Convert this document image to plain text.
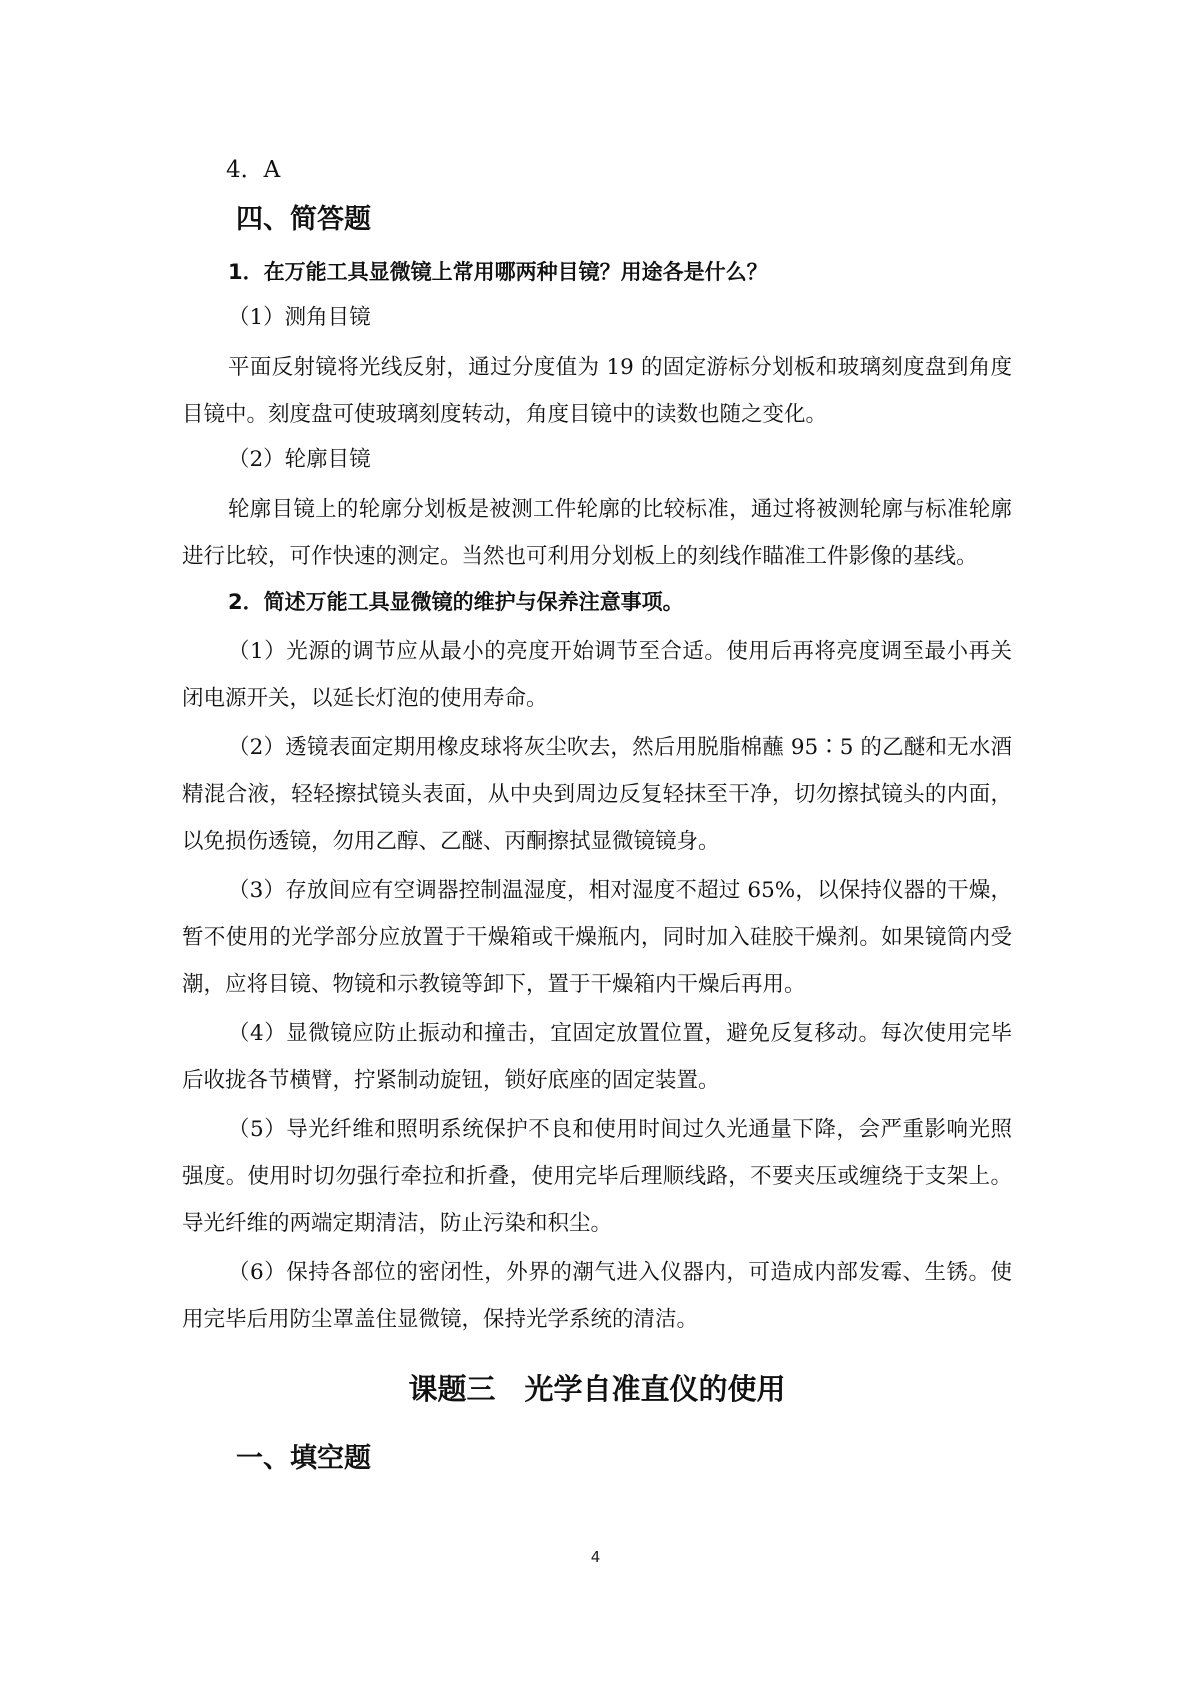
4．A
四、简答题
1．在万能工具显微镜上常用哪两种目镜？用途各是什么？
（1）测角目镜

平面反射镜将光线反射，通过分度值为 19 的固定游标分划板和玻璃刻度盘到角度目镜中。刻度盘可使玻璃刻度转动，角度目镜中的读数也随之变化。

（2）轮廓目镜

轮廓目镜上的轮廓分划板是被测工件轮廓的比较标准，通过将被测轮廓与标准轮廓进行比较，可作快速的测定。当然也可利用分划板上的刻线作瞄准工件影像的基线。

2．简述万能工具显微镜的维护与保养注意事项。

（1）光源的调节应从最小的亮度开始调节至合适。使用后再将亮度调至最小再关闭电源开关，以延长灯泡的使用寿命。

（2）透镜表面定期用橡皮球将灰尘吹去，然后用脱脂棉蘸 95∶5 的乙醚和无水酒精混合液，轻轻擦拭镜头表面，从中央到周边反复轻抹至干净，切勿擦拭镜头的内面，以免损伤透镜，勿用乙醇、乙醚、丙酮擦拭显微镜镜身。

（3）存放间应有空调器控制温湿度，相对湿度不超过 65%，以保持仪器的干燥，暂不使用的光学部分应放置于干燥箱或干燥瓶内，同时加入硅胶干燥剂。如果镜筒内受潮，应将目镜、物镜和示教镜等卸下，置于干燥箱内干燥后再用。

（4）显微镜应防止振动和撞击，宜固定放置位置，避免反复移动。每次使用完毕后收拢各节横臂，拧紧制动旋钮，锁好底座的固定装置。

（5）导光纤维和照明系统保护不良和使用时间过久光通量下降，会严重影响光照强度。使用时切勿强行牵拉和折叠，使用完毕后理顺线路，不要夹压或缠绕于支架上。导光纤维的两端定期清洁，防止污染和积尘。

（6）保持各部位的密闭性，外界的潮气进入仪器内，可造成内部发霉、生锈。使用完毕后用防尘罩盖住显微镜，保持光学系统的清洁。

课题三　光学自准直仪的使用
一、填空题
4
